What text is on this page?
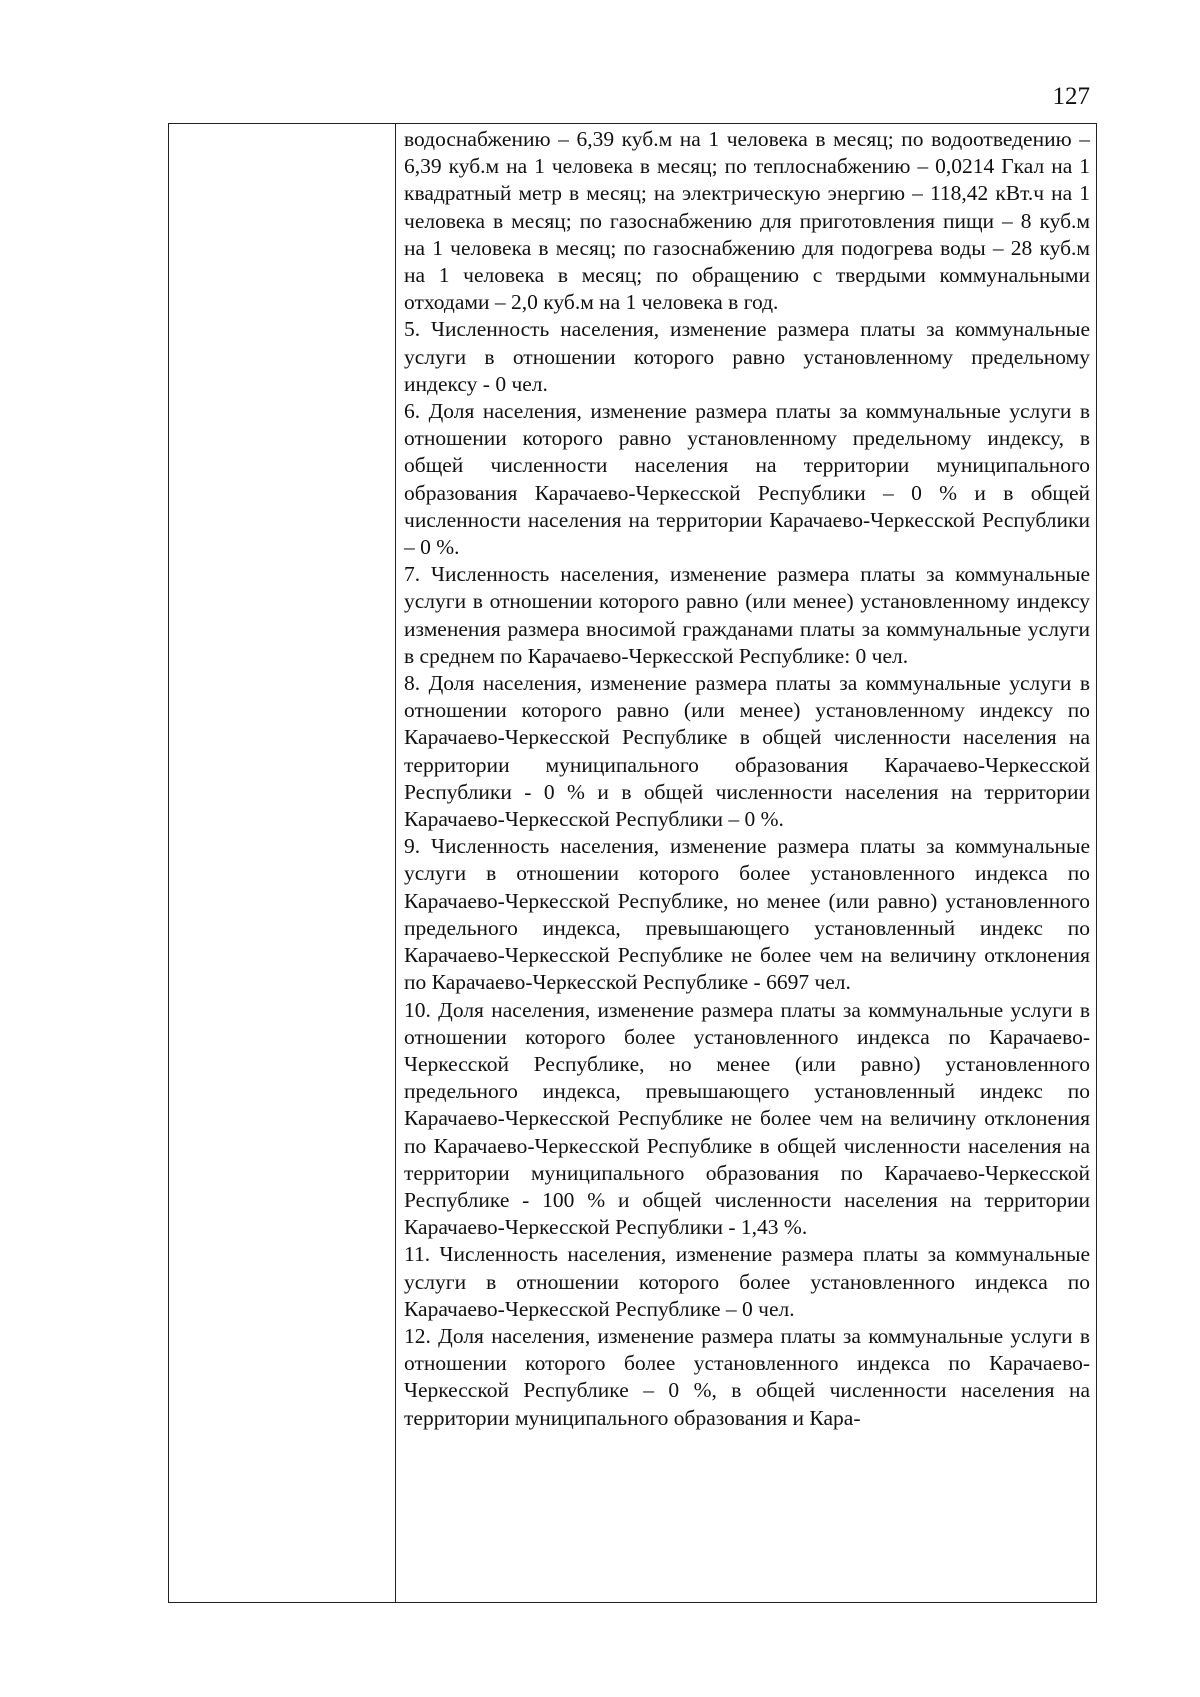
127

водоснабжению – 6,39 куб.м на 1 человека в месяц; по водоотведению – 6,39 куб.м на 1 человека в месяц; по теплоснабжению – 0,0214 Гкал на 1 квадратный метр в месяц; на электрическую энергию – 118,42 кВт.ч на 1 человека в месяц; по газоснабжению для приготовления пищи – 8 куб.м на 1 человека в месяц; по газоснабжению для подогрева воды – 28 куб.м на 1 человека в месяц; по обращению с твердыми коммунальными отходами – 2,0 куб.м на 1 человека в год.

5. Численность населения, изменение размера платы за коммунальные услуги в отношении которого равно установленному предельному индексу - 0 чел.

6. Доля населения, изменение размера платы за коммунальные услуги в отношении которого равно установленному предельному индексу, в общей численности населения на территории муниципального образования Карачаево-Черкесской Республики – 0 % и в общей численности населения на территории Карачаево-Черкесской Республики – 0 %.

7. Численность населения, изменение размера платы за коммунальные услуги в отношении которого равно (или менее) установленному индексу изменения размера вносимой гражданами платы за коммунальные услуги в среднем по Карачаево-Черкесской Республике: 0 чел.

8. Доля населения, изменение размера платы за коммунальные услуги в отношении которого равно (или менее) установленному индексу по Карачаево-Черкесской Республике в общей численности населения на территории муниципального образования Карачаево-Черкесской Республики - 0 % и в общей численности населения на территории Карачаево-Черкесской Республики – 0 %.

9. Численность населения, изменение размера платы за коммунальные услуги в отношении которого более установленного индекса по Карачаево-Черкесской Республике, но менее (или равно) установленного предельного индекса, превышающего установленный индекс по Карачаево-Черкесской Республике не более чем на величину отклонения по Карачаево-Черкесской Республике - 6697 чел.

10. Доля населения, изменение размера платы за коммунальные услуги в отношении которого более установленного индекса по Карачаево-Черкесской Республике, но менее (или равно) установленного предельного индекса, превышающего установленный индекс по Карачаево-Черкесской Республике не более чем на величину отклонения по Карачаево-Черкесской Республике в общей численности населения на территории муниципального образования по Карачаево-Черкесской Республике - 100 % и общей численности населения на территории Карачаево-Черкесской Республики - 1,43 %.

11. Численность населения, изменение размера платы за коммунальные услуги в отношении которого более установленного индекса по Карачаево-Черкесской Республике – 0 чел.

12. Доля населения, изменение размера платы за коммунальные услуги в отношении которого более установленного индекса по Карачаево-Черкесской Республике – 0 %, в общей численности населения на территории муниципального образования и Кара-
